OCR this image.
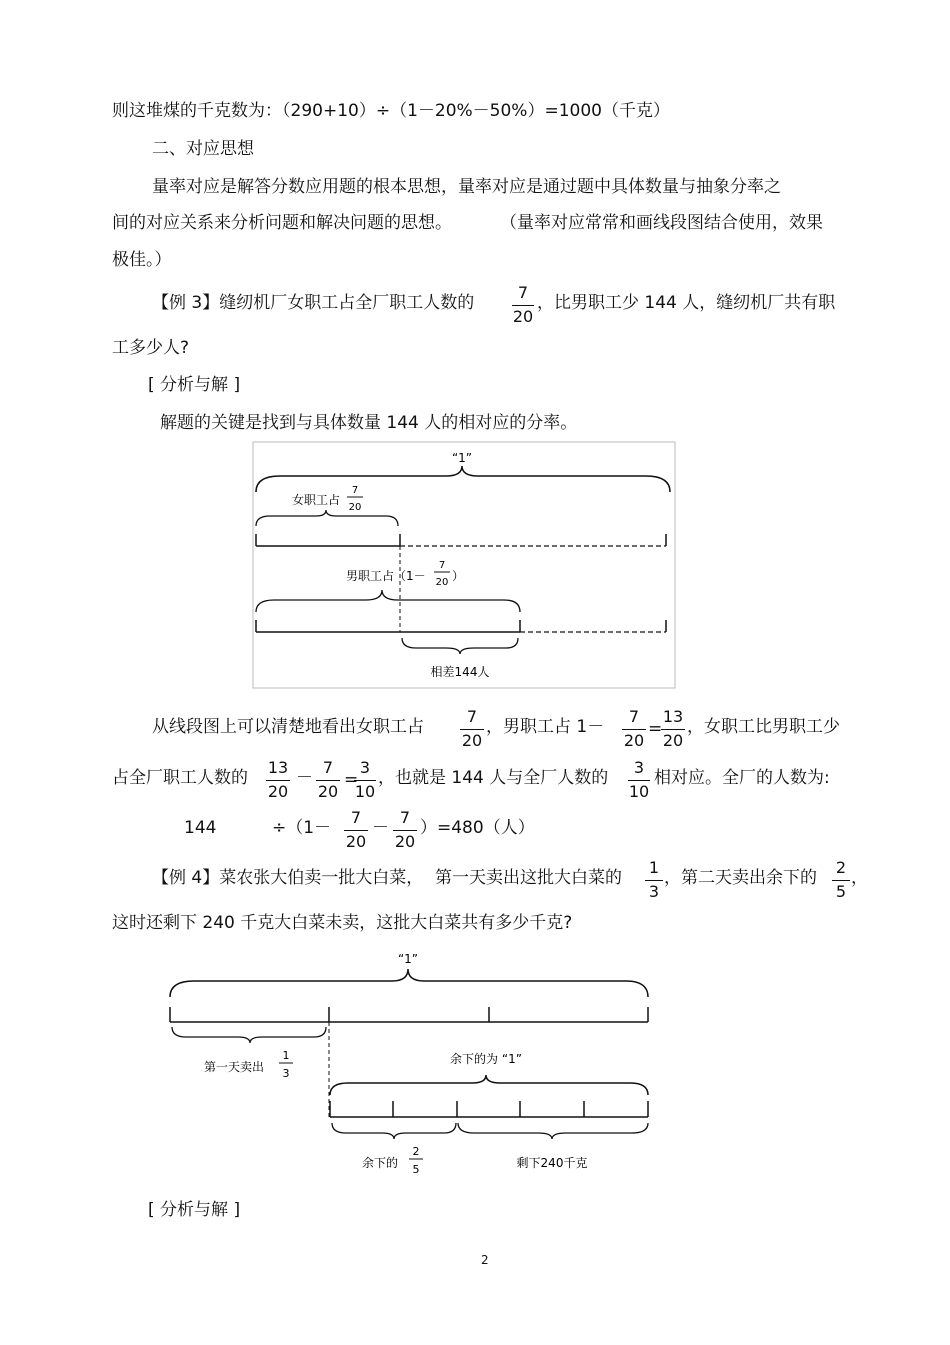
则这堆煤的千克数为：（290+10）÷（1－20%－50%）=1000（千克）
二、对应思想
量率对应是解答分数应用题的根本思想，量率对应是通过题中具体数量与抽象分率之
间的对应关系来分析问题和解决问题的思想。	（量率对应常常和画线段图结合使用，效果
极佳。）
【例 3】缝纫机厂女职工占全厂职工人数的
7
20
，比男职工少 144 人，缝纫机厂共有职
工多少人?
[ 分析与解 ]
解题的关键是找到与具体数量 144 人的相对应的分率。
“1”
女职工占
7
20
男职工占（1－
7
20 ）
相差144人
从线段图上可以清楚地看出女职工占
7
20
，男职工占 1－
7
20
=
13
20
，女职工比男职工少
占全厂职工人数的
13
20
－
7
20
=
3
10
，也就是 144 人与全厂人数的
3
10
相对应。全厂的人数为:
144	÷（1－
7
20
－
7
20
）=480（人）
【例 4】菜农张大伯卖一批大白菜， 第一天卖出这批大白菜的
1
3
，第二天卖出余下的
2
5
，
这时还剩下 240 千克大白菜未卖，这批大白菜共有多少千克?
“1”
第一天卖出
1
3
余下的为 “1”
余下的
2
5	剩下240千克
[ 分析与解 ]
2
